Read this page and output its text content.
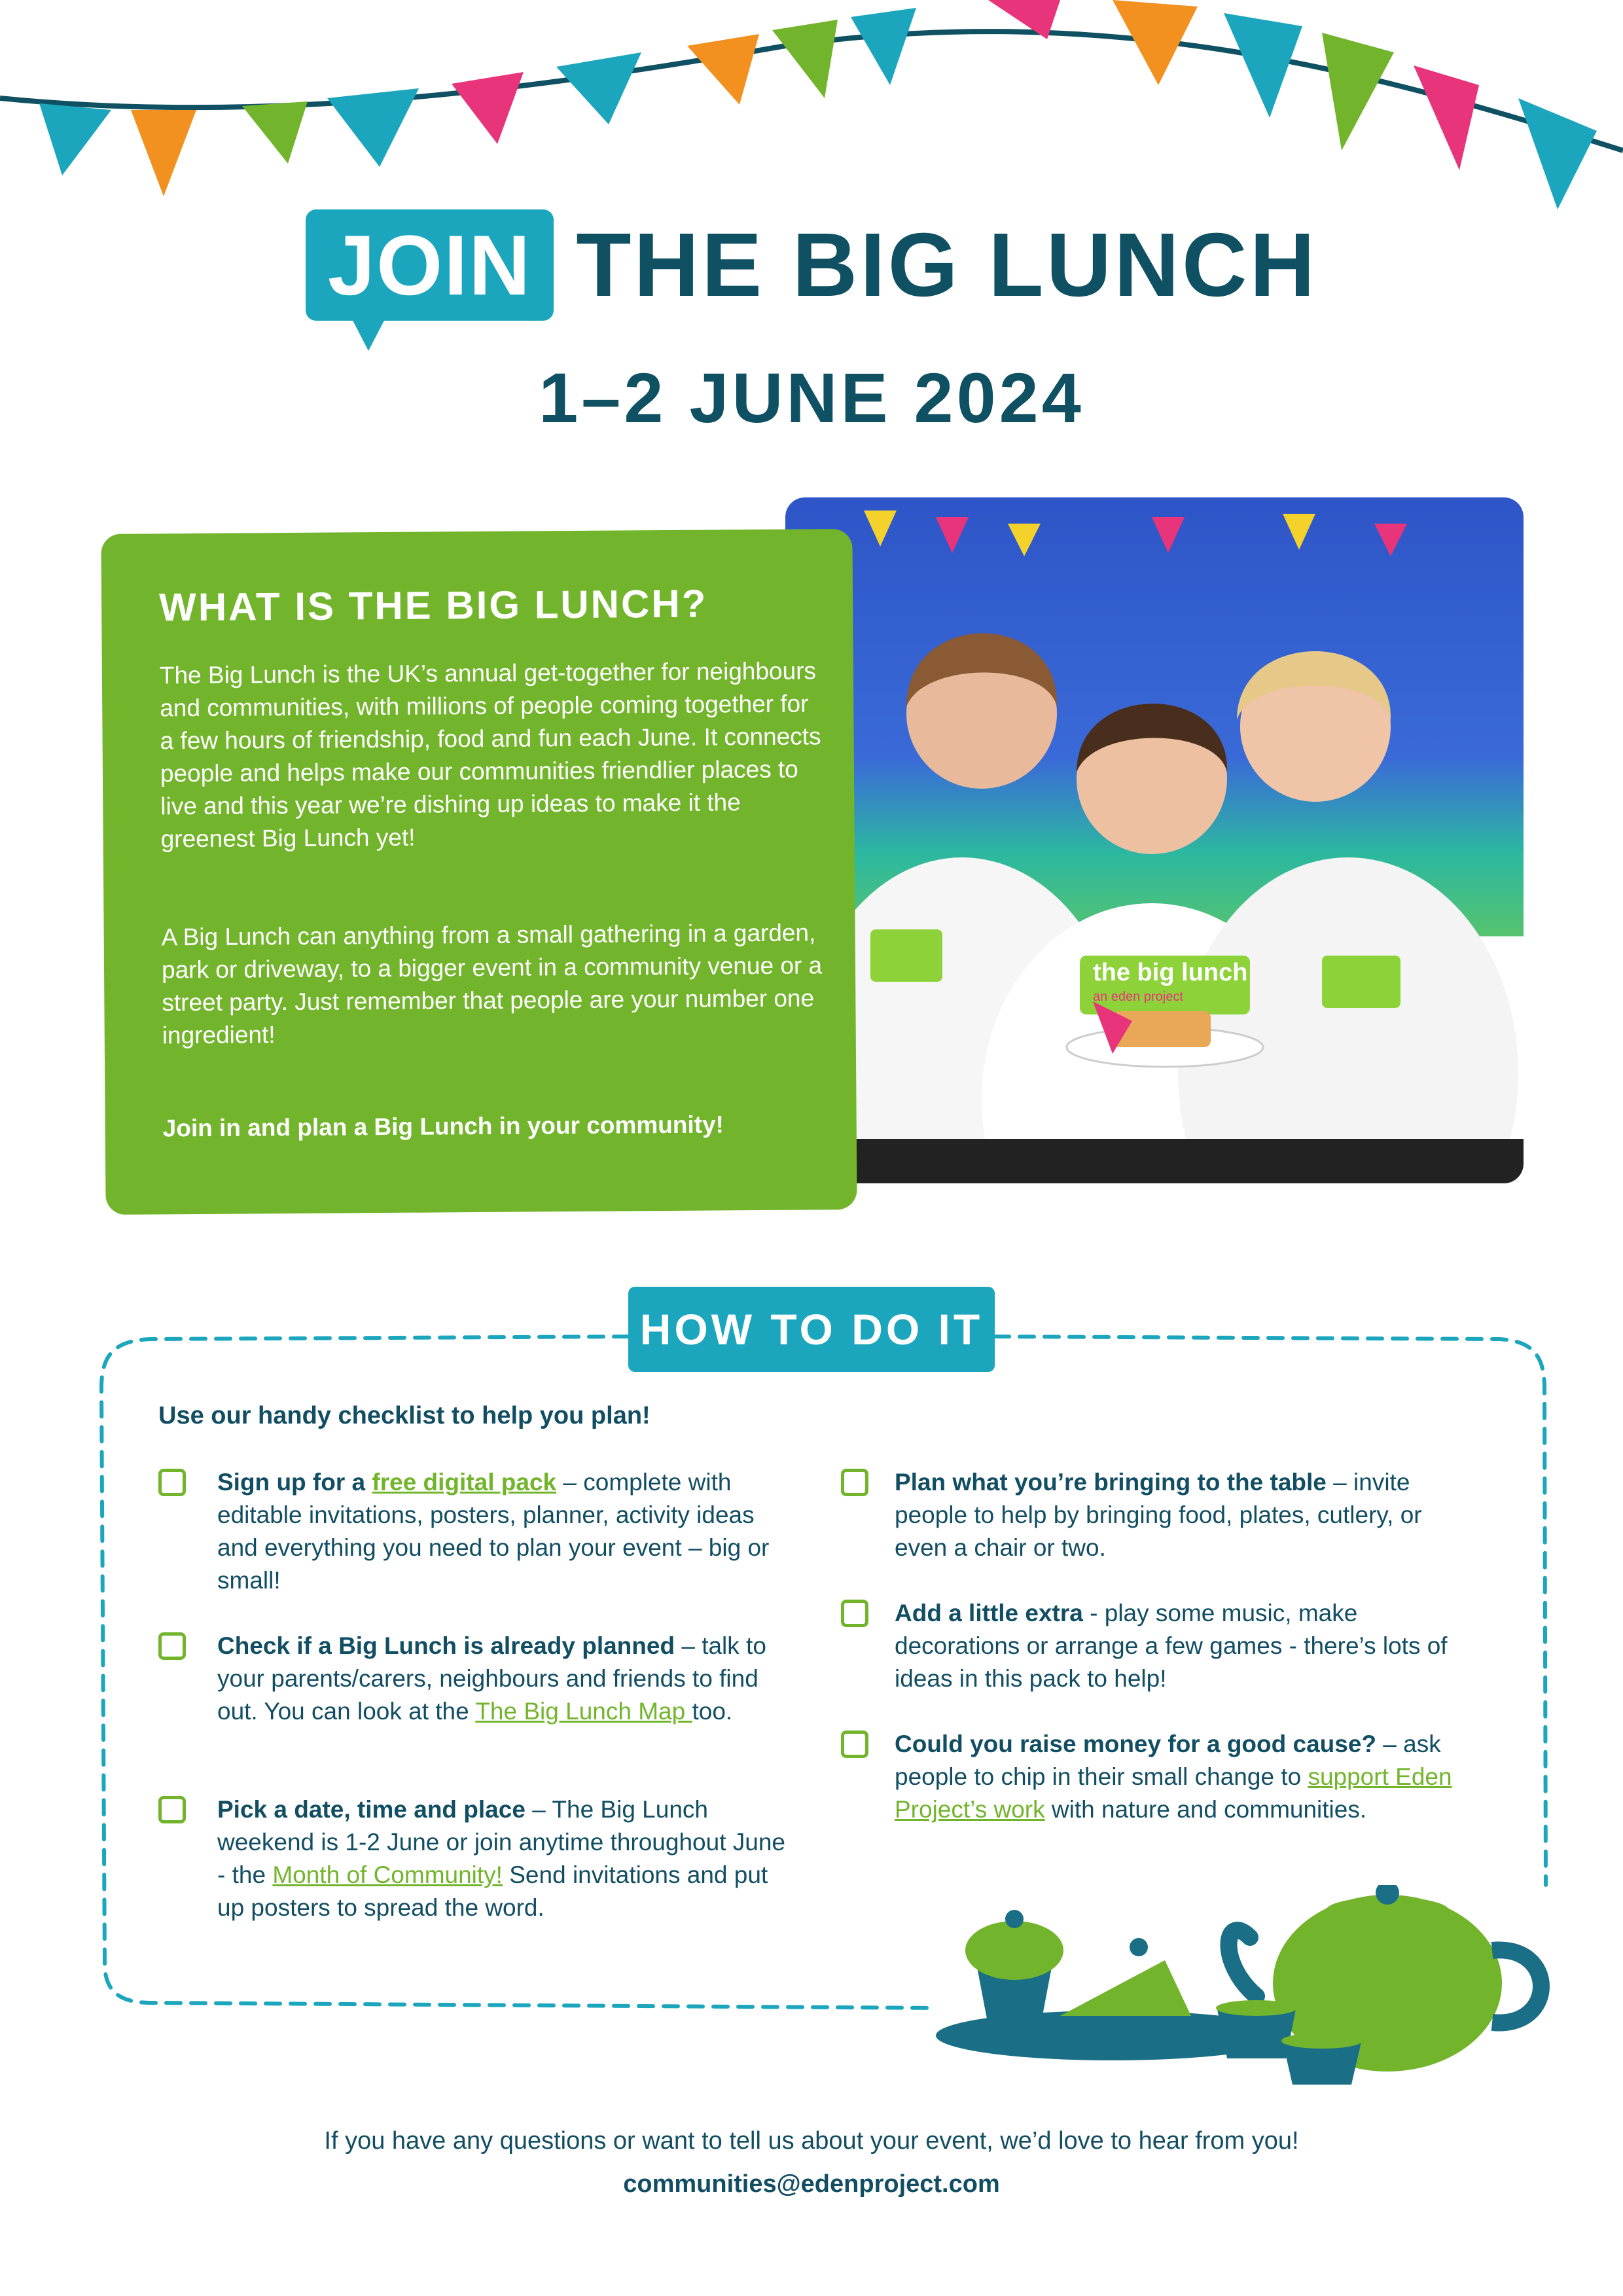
JOIN THE BIG LUNCH
1–2 JUNE 2024
the big lunch
an eden project
WHAT IS THE BIG LUNCH?

The Big Lunch is the UK’s annual get-together for neighbours and communities, with millions of people coming together for a few hours of friendship, food and fun each June. It connects people and helps make our communities friendlier places to live and this year we’re dishing up ideas to make it the greenest Big Lunch yet!

A Big Lunch can anything from a small gathering in a garden, park or driveway, to a bigger event in a community venue or a street party. Just remember that people are your number one ingredient!

Join in and plan a Big Lunch in your community!
HOW TO DO IT
Use our handy checklist to help you plan!
Sign up for a free digital pack – complete with editable invitations, posters, planner, activity ideas and everything you need to plan your event – big or small!
Check if a Big Lunch is already planned – talk to your parents/carers, neighbours and friends to find out. You can look at the The Big Lunch Map too.
Pick a date, time and place – The Big Lunch weekend is 1-2 June or join anytime throughout June - the Month of Community! Send invitations and put up posters to spread the word.
Plan what you’re bringing to the table – invite people to help by bringing food, plates, cutlery, or even a chair or two.
Add a little extra - play some music, make decorations or arrange a few games - there’s lots of ideas in this pack to help!
Could you raise money for a good cause? – ask people to chip in their small change to support Eden Project’s work with nature and communities.
If you have any questions or want to tell us about your event, we’d love to hear from you!
communities@edenproject.com
